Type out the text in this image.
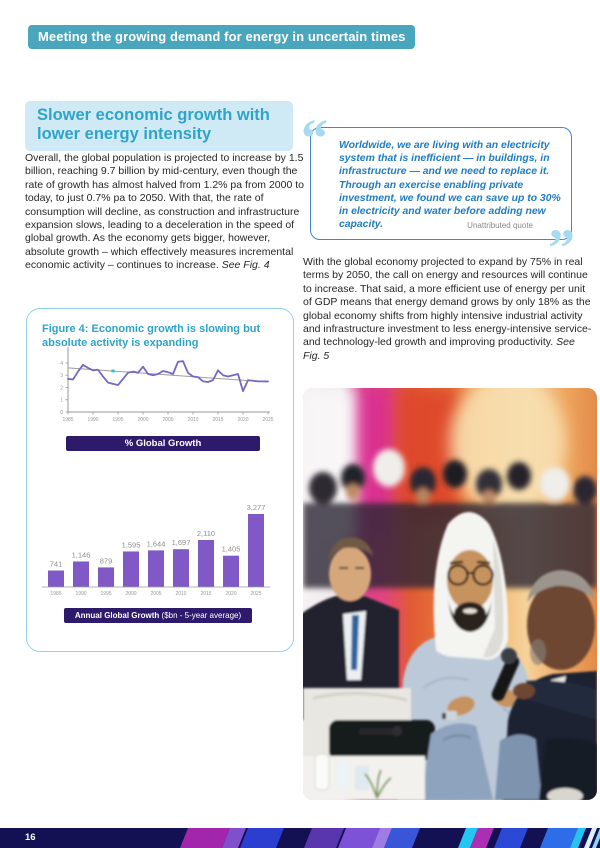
Meeting the growing demand for energy in uncertain times
Slower economic growth with lower energy intensity

Overall, the global population is projected to increase by 1.5 billion, reaching 9.7 billion by mid-century, even though the rate of growth has almost halved from 1.2% pa from 2000 to today, to just 0.7% pa to 2050. With that, the rate of consumption will decline, as construction and infrastructure expansion slows, leading to a deceleration in the speed of global growth. As the economy gets bigger, however, absolute growth – which effectively measures incremental economic activity – continues to increase. See Fig. 4

“ Worldwide, we are living with an electricity system that is inefficient — in buildings, in infrastructure — and we need to replace it. Through an exercise enabling private investment, we found we can save up to 30% in electricity and water before adding new capacity.	Unattributed quote ”

With the global economy projected to expand by 75% in real terms by 2050, the call on energy and resources will continue to increase. That said, a more efficient use of energy per unit of GDP means that energy demand grows by only 18% as the global economy shifts from highly intensive industrial activity and infrastructure investment to less energy-intensive service- and technology-led growth and improving productivity. See Fig. 5

Figure 4: Economic growth is slowing but absolute activity is expanding
0
1
2
3
4
1985	1990	1995	2000	2005	2010	2015	2020	2025
% Global Growth
741
1985
1,146
1990
879
1995
1,595
2000
1,644
2005
1,697
2010
2,110
2015
1,405
2020
3,277
2025
Annual Global Growth ($bn - 5-year average)
16
